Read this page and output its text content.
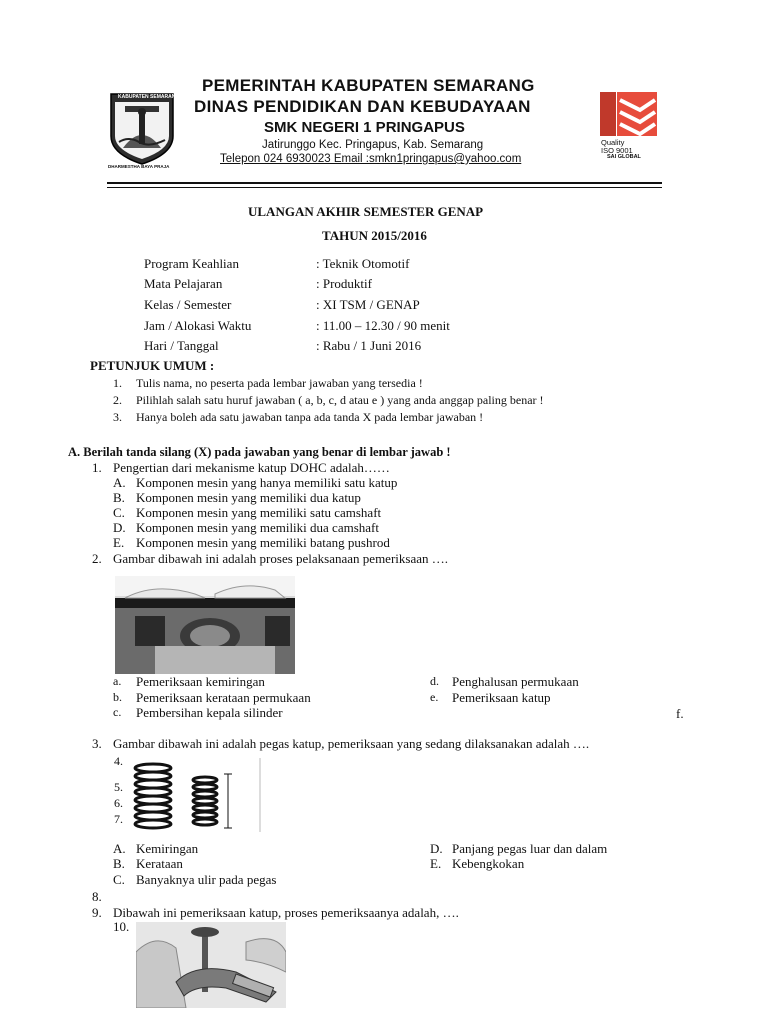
KABUPATEN SEMARANG
DHARMESTHA BAYA PRAJA
PEMERINTAH KABUPATEN SEMARANG
DINAS PENDIDIKAN DAN KEBUDAYAAN
SMK NEGERI 1 PRINGAPUS
Jatirunggo Kec. Pringapus, Kab. Semarang
Telepon 024 6930023 Email :smkn1pringapus@yahoo.com
Certified System
Quality
ISO 9001
SAI GLOBAL
ULANGAN AKHIR SEMESTER GENAP
TAHUN 2015/2016
Program Keahlian	: Teknik Otomotif
Mata Pelajaran	: Produktif
Kelas / Semester	: XI TSM / GENAP
Jam / Alokasi Waktu	: 11.00 – 12.30 / 90 menit
Hari / Tanggal	: Rabu / 1 Juni 2016
PETUNJUK UMUM :
1. Tulis nama, no peserta pada lembar jawaban yang tersedia !
2. Pilihlah salah satu huruf jawaban ( a, b, c, d atau e ) yang anda anggap paling benar !
3. Hanya boleh ada satu jawaban tanpa ada tanda X pada lembar jawaban !
A. Berilah tanda silang (X) pada jawaban yang benar di lembar jawab !
1. Pengertian dari mekanisme katup DOHC adalah……
A. Komponen mesin yang hanya memiliki satu katup
B. Komponen mesin yang memiliki dua katup
C. Komponen mesin yang memiliki satu camshaft
D. Komponen mesin yang memiliki dua camshaft
E. Komponen mesin yang memiliki batang pushrod
2. Gambar dibawah ini adalah proses pelaksanaan pemeriksaan ….
a. Pemeriksaan kemiringan
b. Pemeriksaan kerataan permukaan
c. Pembersihan kepala silinder
d. Penghalusan permukaan
e. Pemeriksaan katup
f.
3. Gambar dibawah ini adalah pegas katup, pemeriksaan yang sedang dilaksanakan adalah ….
4.
5.
6.
7.
A. Kemiringan
B. Kerataan
C. Banyaknya ulir pada pegas
D. Panjang pegas luar dan dalam
E. Kebengkokan
8.
9. Dibawah ini pemeriksaan katup, proses pemeriksaanya adalah, ….
10.
